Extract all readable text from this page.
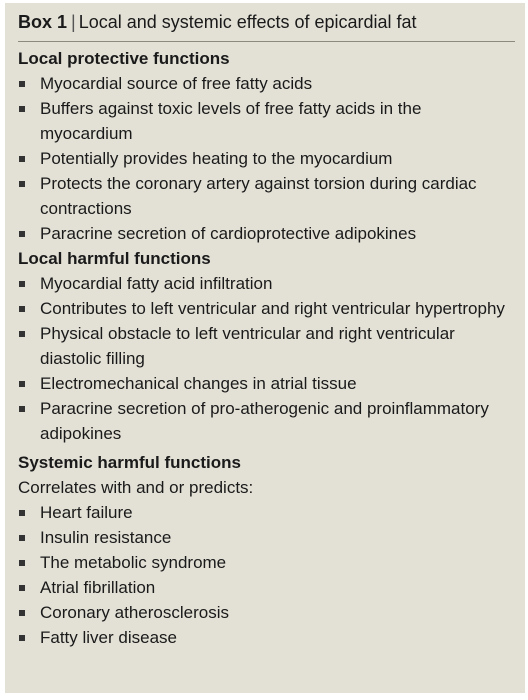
Box 1 | Local and systemic effects of epicardial fat
Local protective functions
Myocardial source of free fatty acids
Buffers against toxic levels of free fatty acids in the myocardium
Potentially provides heating to the myocardium
Protects the coronary artery against torsion during cardiac contractions
Paracrine secretion of cardioprotective adipokines
Local harmful functions
Myocardial fatty acid infiltration
Contributes to left ventricular and right ventricular hypertrophy
Physical obstacle to left ventricular and right ventricular diastolic filling
Electromechanical changes in atrial tissue
Paracrine secretion of pro-atherogenic and proinflammatory adipokines
Systemic harmful functions
Correlates with and or predicts:
Heart failure
Insulin resistance
The metabolic syndrome
Atrial fibrillation
Coronary atherosclerosis
Fatty liver disease
